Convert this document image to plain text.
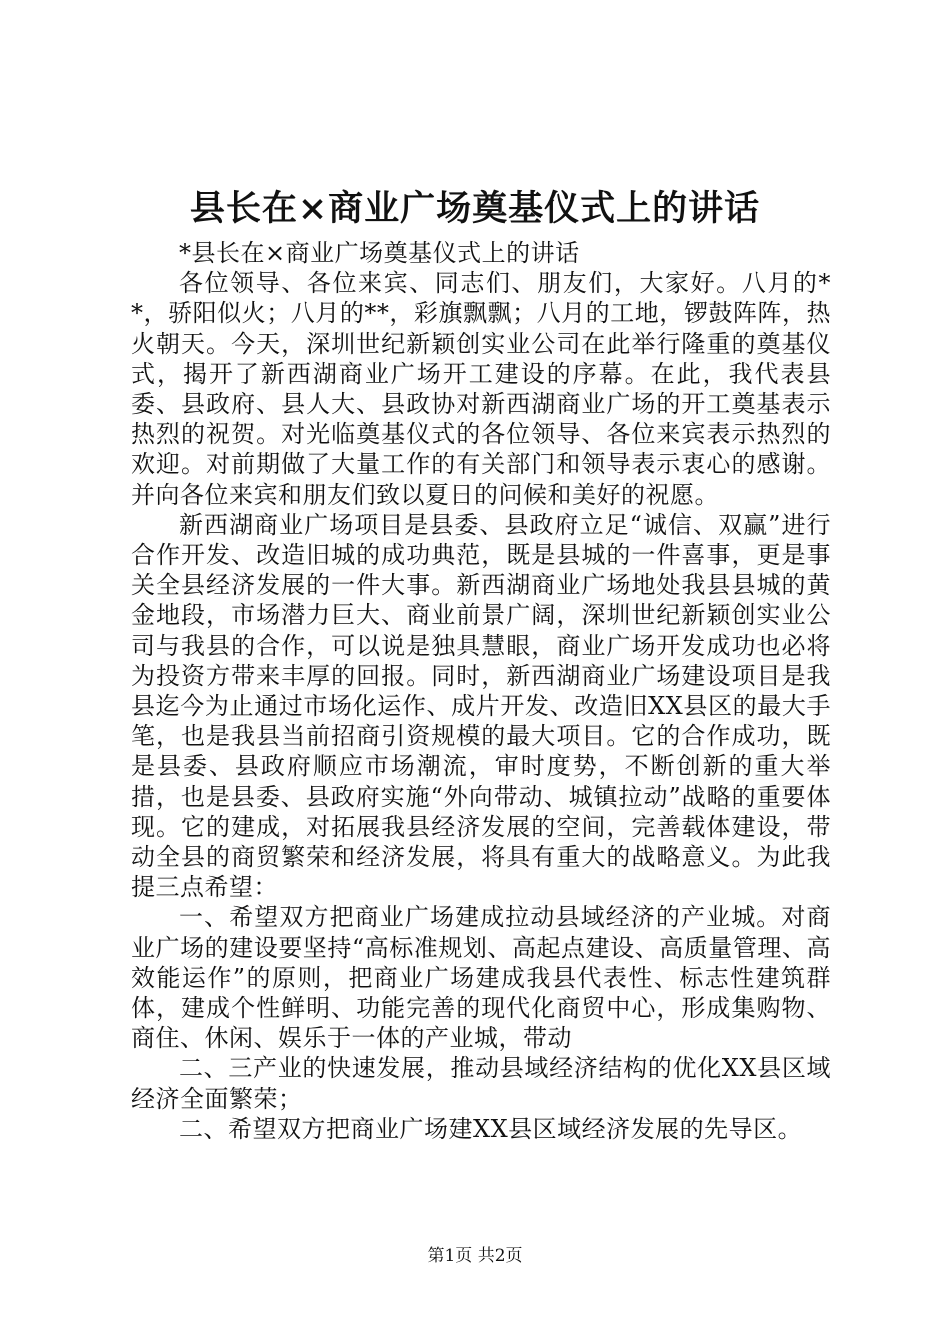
县长在×商业广场奠基仪式上的讲话

*县长在×商业广场奠基仪式上的讲话

各位领导、各位来宾、同志们、朋友们，大家好。八月的**，骄阳似火；八月的**，彩旗飘飘；八月的工地，锣鼓阵阵，热火朝天。今天，深圳世纪新颖创实业公司在此举行隆重的奠基仪式，揭开了新西湖商业广场开工建设的序幕。在此，我代表县委、县政府、县人大、县政协对新西湖商业广场的开工奠基表示热烈的祝贺。对光临奠基仪式的各位领导、各位来宾表示热烈的欢迎。对前期做了大量工作的有关部门和领导表示衷心的感谢。并向各位来宾和朋友们致以夏日的问候和美好的祝愿。

新西湖商业广场项目是县委、县政府立足“诚信、双赢”进行合作开发、改造旧城的成功典范，既是县城的一件喜事，更是事关全县经济发展的一件大事。新西湖商业广场地处我县县城的黄金地段，市场潜力巨大、商业前景广阔，深圳世纪新颖创实业公司与我县的合作，可以说是独具慧眼，商业广场开发成功也必将为投资方带来丰厚的回报。同时，新西湖商业广场建设项目是我县迄今为止通过市场化运作、成片开发、改造旧XX县区的最大手笔，也是我县当前招商引资规模的最大项目。它的合作成功，既是县委、县政府顺应市场潮流，审时度势，不断创新的重大举措，也是县委、县政府实施“外向带动、城镇拉动”战略的重要体现。它的建成，对拓展我县经济发展的空间，完善载体建设，带动全县的商贸繁荣和经济发展，将具有重大的战略意义。为此我提三点希望：

一、希望双方把商业广场建成拉动县域经济的产业城。对商业广场的建设要坚持“高标准规划、高起点建设、高质量管理、高效能运作”的原则，把商业广场建成我县代表性、标志性建筑群体，建成个性鲜明、功能完善的现代化商贸中心，形成集购物、商住、休闲、娱乐于一体的产业城，带动

二、三产业的快速发展，推动县域经济结构的优化XX县区域经济全面繁荣；

二、希望双方把商业广场建XX县区域经济发展的先导区。

第1页 共2页
